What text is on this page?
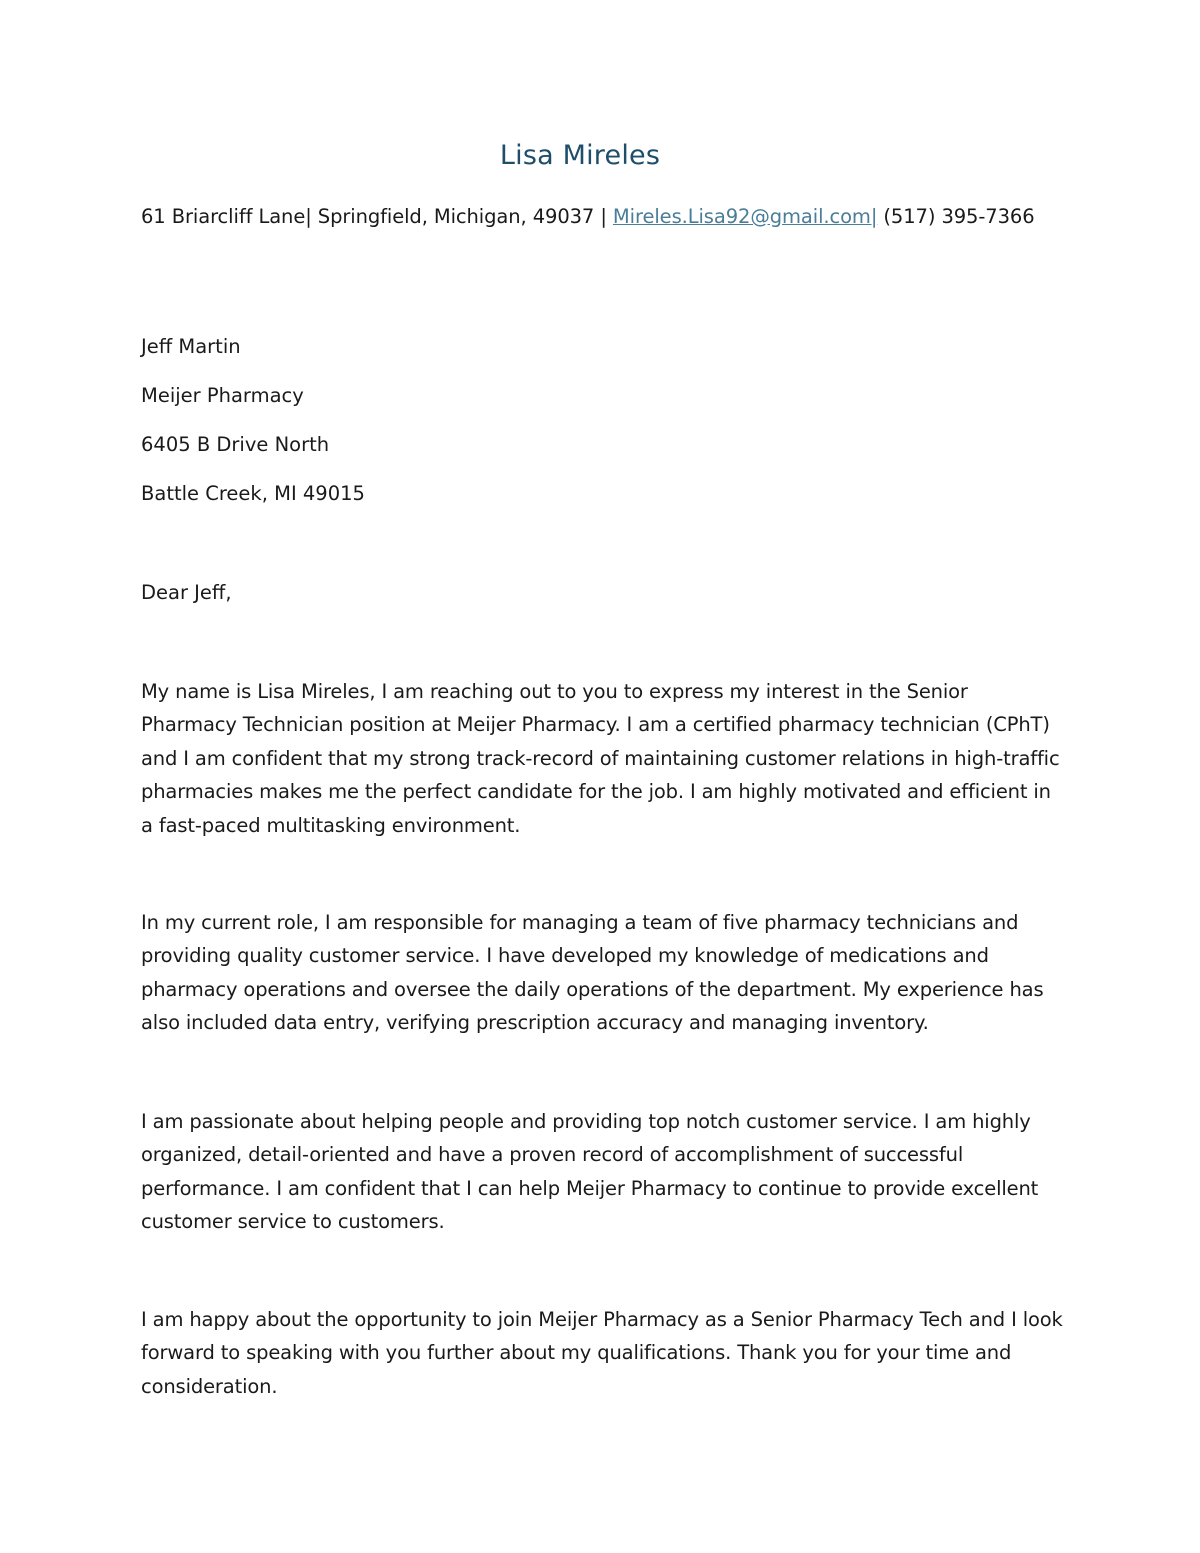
Lisa Mireles
61 Briarcliff Lane| Springfield, Michigan, 49037 | Mireles.Lisa92@gmail.com| (517) 395-7366
Jeff Martin
Meijer Pharmacy
6405 B Drive North
Battle Creek, MI 49015
Dear Jeff,

My name is Lisa Mireles, I am reaching out to you to express my interest in the Senior Pharmacy Technician position at Meijer Pharmacy. I am a certified pharmacy technician (CPhT) and I am confident that my strong track-record of maintaining customer relations in high-traffic pharmacies makes me the perfect candidate for the job. I am highly motivated and efficient in a fast-paced multitasking environment.

In my current role, I am responsible for managing a team of five pharmacy technicians and providing quality customer service. I have developed my knowledge of medications and pharmacy operations and oversee the daily operations of the department. My experience has also included data entry, verifying prescription accuracy and managing inventory.

I am passionate about helping people and providing top notch customer service. I am highly organized, detail-oriented and have a proven record of accomplishment of successful performance. I am confident that I can help Meijer Pharmacy to continue to provide excellent customer service to customers.

I am happy about the opportunity to join Meijer Pharmacy as a Senior Pharmacy Tech and I look forward to speaking with you further about my qualifications. Thank you for your time and consideration.
